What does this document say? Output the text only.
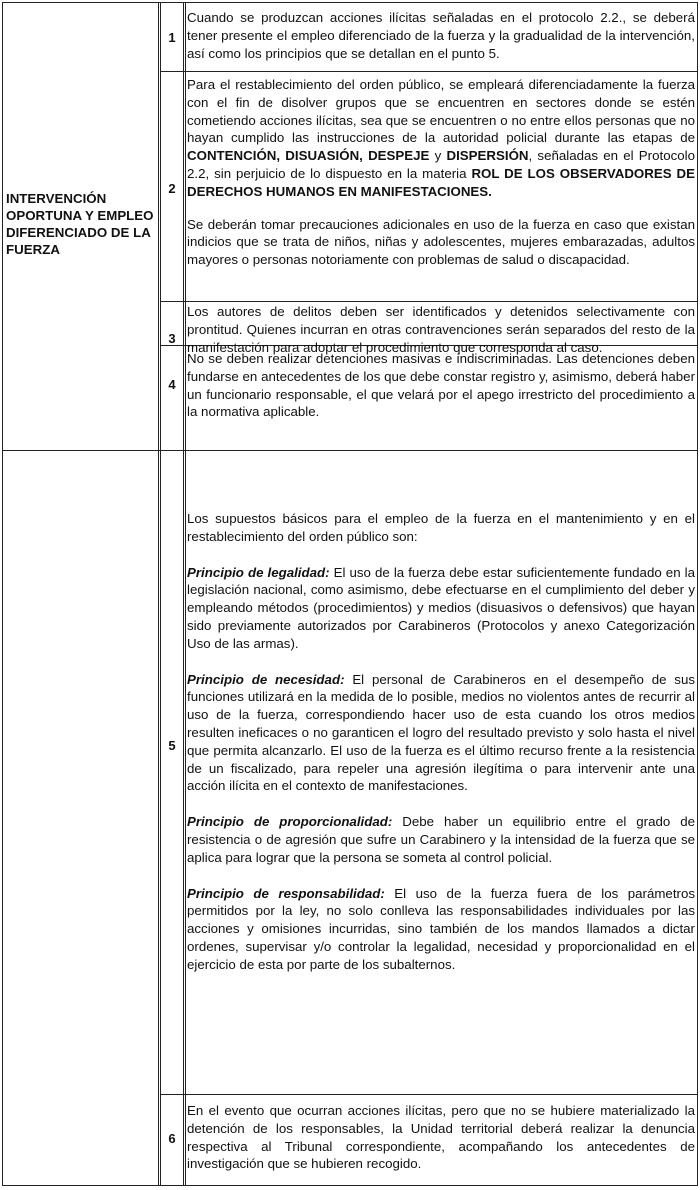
INTERVENCIÓN OPORTUNA Y EMPLEO DIFERENCIADO DE LA FUERZA
1

Cuando se produzcan acciones ilícitas señaladas en el protocolo 2.2., se deberá tener presente el empleo diferenciado de la fuerza y la gradualidad de la intervención, así como los principios que se detallan en el punto 5.

2

Para el restablecimiento del orden público, se empleará diferenciadamente la fuerza con el fin de disolver grupos que se encuentren en sectores donde se estén cometiendo acciones ilícitas, sea que se encuentren o no entre ellos personas que no hayan cumplido las instrucciones de la autoridad policial durante las etapas de CONTENCIÓN, DISUASIÓN, DESPEJE y DISPERSIÓN, señaladas en el Protocolo 2.2, sin perjuicio de lo dispuesto en la materia ROL DE LOS OBSERVADORES DE DERECHOS HUMANOS EN MANIFESTACIONES.

Se deberán tomar precauciones adicionales en uso de la fuerza en caso que existan indicios que se trata de niños, niñas y adolescentes, mujeres embarazadas, adultos mayores o personas notoriamente con problemas de salud o discapacidad.

3

Los autores de delitos deben ser identificados y detenidos selectivamente con prontitud. Quienes incurran en otras contravenciones serán separados del resto de la manifestación para adoptar el procedimiento que corresponda al caso.

4

No se deben realizar detenciones masivas e indiscriminadas. Las detenciones deben fundarse en antecedentes de los que debe constar registro y, asimismo, deberá haber un funcionario responsable, el que velará por el apego irrestricto del procedimiento a la normativa aplicable.

5

Los supuestos básicos para el empleo de la fuerza en el mantenimiento y en el restablecimiento del orden público son:

Principio de legalidad: El uso de la fuerza debe estar suficientemente fundado en la legislación nacional, como asimismo, debe efectuarse en el cumplimiento del deber y empleando métodos (procedimientos) y medios (disuasivos o defensivos) que hayan sido previamente autorizados por Carabineros (Protocolos y anexo Categorización Uso de las armas).

Principio de necesidad: El personal de Carabineros en el desempeño de sus funciones utilizará en la medida de lo posible, medios no violentos antes de recurrir al uso de la fuerza, correspondiendo hacer uso de esta cuando los otros medios resulten ineficaces o no garanticen el logro del resultado previsto y solo hasta el nivel que permita alcanzarlo. El uso de la fuerza es el último recurso frente a la resistencia de un fiscalizado, para repeler una agresión ilegítima o para intervenir ante una acción ilícita en el contexto de manifestaciones.

Principio de proporcionalidad: Debe haber un equilibrio entre el grado de resistencia o de agresión que sufre un Carabinero y la intensidad de la fuerza que se aplica para lograr que la persona se someta al control policial.

Principio de responsabilidad: El uso de la fuerza fuera de los parámetros permitidos por la ley, no solo conlleva las responsabilidades individuales por las acciones y omisiones incurridas, sino también de los mandos llamados a dictar ordenes, supervisar y/o controlar la legalidad, necesidad y proporcionalidad en el ejercicio de esta por parte de los subalternos.

6

En el evento que ocurran acciones ilícitas, pero que no se hubiere materializado la detención de los responsables, la Unidad territorial deberá realizar la denuncia respectiva al Tribunal correspondiente, acompañando los antecedentes de investigación que se hubieren recogido.
